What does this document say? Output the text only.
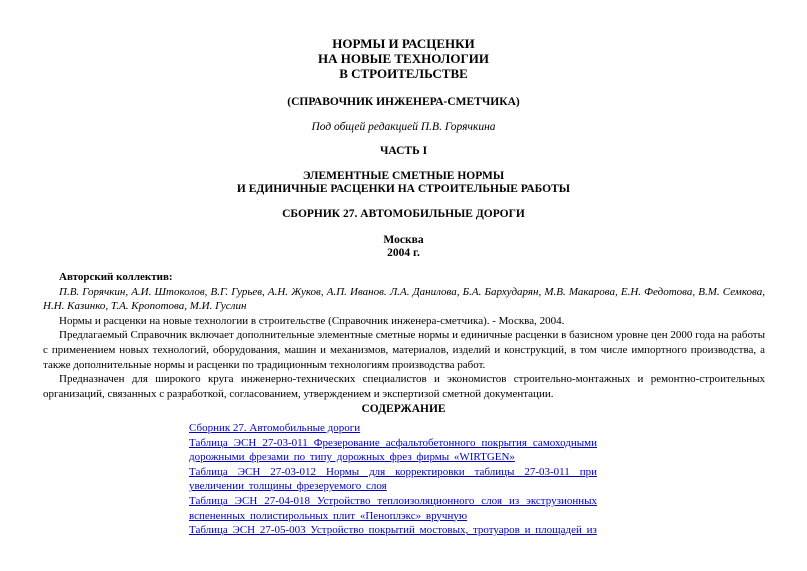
НОРМЫ И РАСЦЕНКИ
НА НОВЫЕ ТЕХНОЛОГИИ
В СТРОИТЕЛЬСТВЕ
(СПРАВОЧНИК ИНЖЕНЕРА-СМЕТЧИКА)
Под общей редакцией П.В. Горячкина
ЧАСТЬ I
ЭЛЕМЕНТНЫЕ СМЕТНЫЕ НОРМЫ
И ЕДИНИЧНЫЕ РАСЦЕНКИ НА СТРОИТЕЛЬНЫЕ РАБОТЫ
СБОРНИК 27. АВТОМОБИЛЬНЫЕ ДОРОГИ
Москва
2004 г.

Авторский коллектив:

П.В. Горячкин, А.И. Штоколов, В.Г. Гурьев, А.Н. Жуков, А.П. Иванов. Л.А. Данилова, Б.А. Бархударян, М.В. Макарова, Е.Н. Федотова, В.М. Семкова, Н.Н. Казинко, Т.А. Кропотова, М.И. Гуслин

Нормы и расценки на новые технологии в строительстве (Справочник инженера-сметчика). - Москва, 2004.

Предлагаемый Справочник включает дополнительные элементные сметные нормы и единичные расценки в базисном уровне цен 2000 года на работы с применением новых технологий, оборудования, машин и механизмов, материалов, изделий и конструкций, в том числе импортного производства, а также дополнительные нормы и расценки по традиционным технологиям производства работ.

Предназначен для широкого круга инженерно-технических специалистов и экономистов строительно-монтажных и ремонтно-строительных организаций, связанных с разработкой, согласованием, утверждением и экспертизой сметной документации.

СОДЕРЖАНИЕ
Сборник 27. Автомобильные дороги
Таблица ЭСН 27-03-011 Фрезерование асфальтобетонного покрытия самоходными дорожными фрезами по типу дорожных фрез фирмы «WIRTGEN»
Таблица ЭСН 27-03-012 Нормы для корректировки таблицы 27-03-011 при увеличении толщины фрезеруемого слоя
Таблица ЭСН 27-04-018 Устройство теплоизоляционного слоя из экструзионных вспененных полистирольных плит «Пеноплэкс» вручную
Таблица ЭСН 27-05-003 Устройство покрытий мостовых, тротуаров и площадей из
